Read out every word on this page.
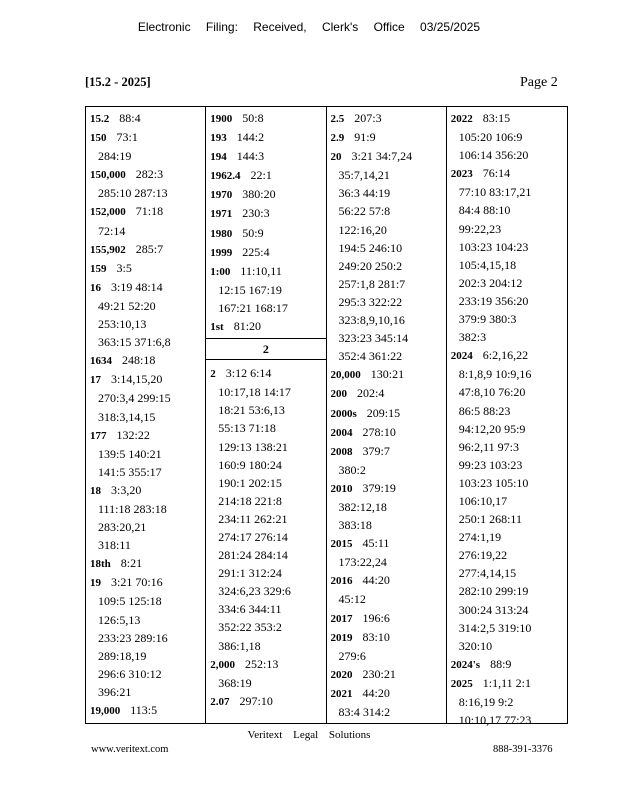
Electronic Filing: Received, Clerk's Office 03/25/2025
[15.2 - 2025]	Page 2
15.2 88:4
150 73:1
284:19
150,000 282:3
285:10 287:13
152,000 71:18
72:14
155,902 285:7
159 3:5
16 3:19 48:14
49:21 52:20
253:10,13
363:15 371:6,8
1634 248:18
17 3:14,15,20
270:3,4 299:15
318:3,14,15
177 132:22
139:5 140:21
141:5 355:17
18 3:3,20
111:18 283:18
283:20,21
318:11
18th 8:21
19 3:21 70:16
109:5 125:18
126:5,13
233:23 289:16
289:18,19
296:6 310:12
396:21
19,000 113:5
1900 50:8
193 144:2
194 144:3
1962.4 22:1
1970 380:20
1971 230:3
1980 50:9
1999 225:4
1:00 11:10,11
12:15 167:19
167:21 168:17
1st 81:20
2
2 3:12 6:14
10:17,18 14:17
18:21 53:6,13
55:13 71:18
129:13 138:21
160:9 180:24
190:1 202:15
214:18 221:8
234:11 262:21
274:17 276:14
281:24 284:14
291:1 312:24
324:6,23 329:6
334:6 344:11
352:22 353:2
386:1,18
2,000 252:13
368:19
2.07 297:10
2.5 207:3
2.9 91:9
20 3:21 34:7,24
35:7,14,21
36:3 44:19
56:22 57:8
122:16,20
194:5 246:10
249:20 250:2
257:1,8 281:7
295:3 322:22
323:8,9,10,16
323:23 345:14
352:4 361:22
20,000 130:21
200 202:4
2000s 209:15
2004 278:10
2008 379:7
380:2
2010 379:19
382:12,18
383:18
2015 45:11
173:22,24
2016 44:20
45:12
2017 196:6
2019 83:10
279:6
2020 230:21
2021 44:20
83:4 314:2
2022 83:15
105:20 106:9
106:14 356:20
2023 76:14
77:10 83:17,21
84:4 88:10
99:22,23
103:23 104:23
105:4,15,18
202:3 204:12
233:19 356:20
379:9 380:3
382:3
2024 6:2,16,22
8:1,8,9 10:9,16
47:8,10 76:20
86:5 88:23
94:12,20 95:9
96:2,11 97:3
99:23 103:23
103:23 105:10
106:10,17
250:1 268:11
274:1,19
276:19,22
277:4,14,15
282:10 299:19
300:24 313:24
314:2,5 319:10
320:10
2024's 88:9
2025 1:1,11 2:1
8:16,19 9:2
10:10,17 77:23
Veritext Legal Solutions
www.veritext.com	888-391-3376
